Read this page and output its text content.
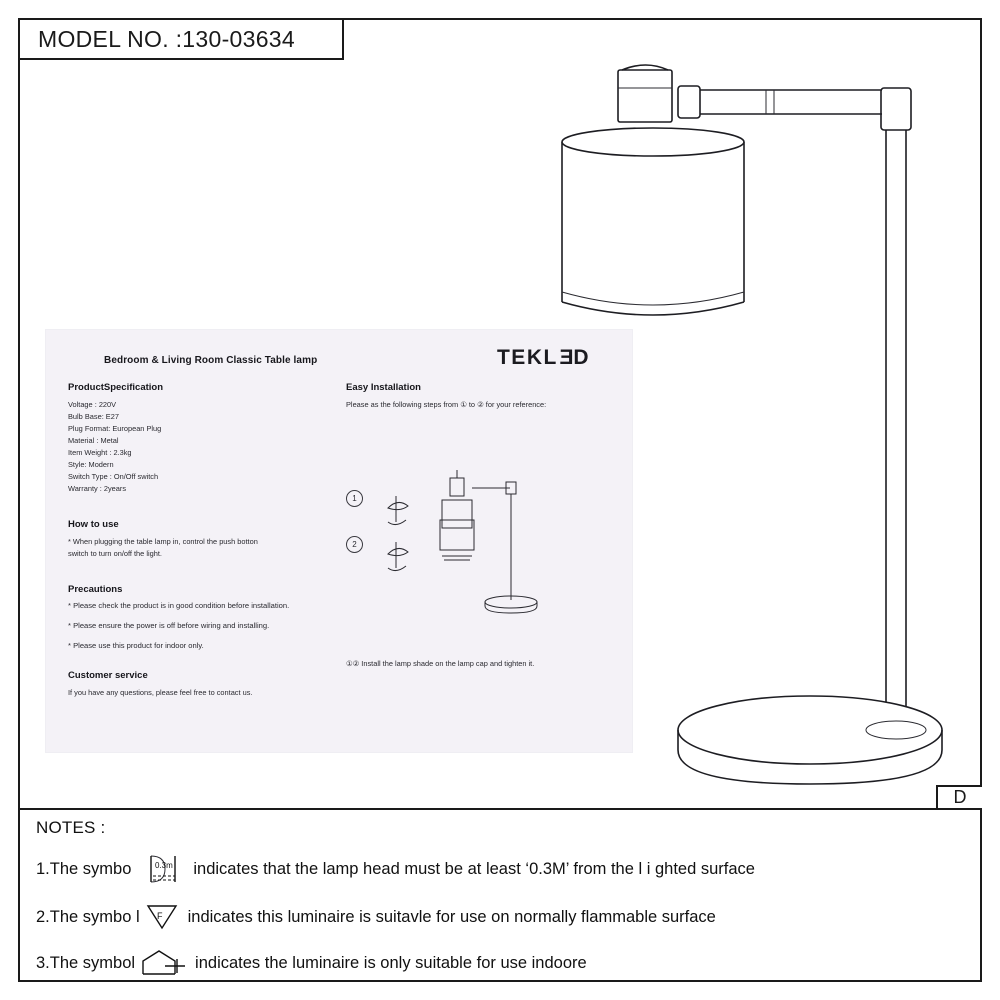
Bedroom & Living Room Classic Table lamp	TEKLED
ProductSpecification
Voltage : 220V
Bulb Base: E27
Plug Format: European Plug
Material : Metal
Item Weight : 2.3kg
Style: Modern
Switch Type : On/Off switch
Warranty : 2years
How to use
* When plugging the table lamp in, control the push botton
switch to turn on/off the light.
Precautions
* Please check the product is in good condition before installation.
* Please ensure the power is off before wiring and installing.
* Please use this product for indoor only.
Customer service
If you have any questions, please feel free to contact us.
Easy Installation
Please as the following steps from ① to ② for your reference:
1
2
①② Install the lamp shade on the lamp cap and tighten it.
MODEL NO. :130-03634
D
NOTES :
1.The symbo	0.3m indicates that the lamp head must be at least ‘0.3M’ from the l i ghted surface
2.The symbo l F indicates this luminaire is suitavle for use on normally flammable surface
3.The symbol	indicates the luminaire is only suitable for use indoore
